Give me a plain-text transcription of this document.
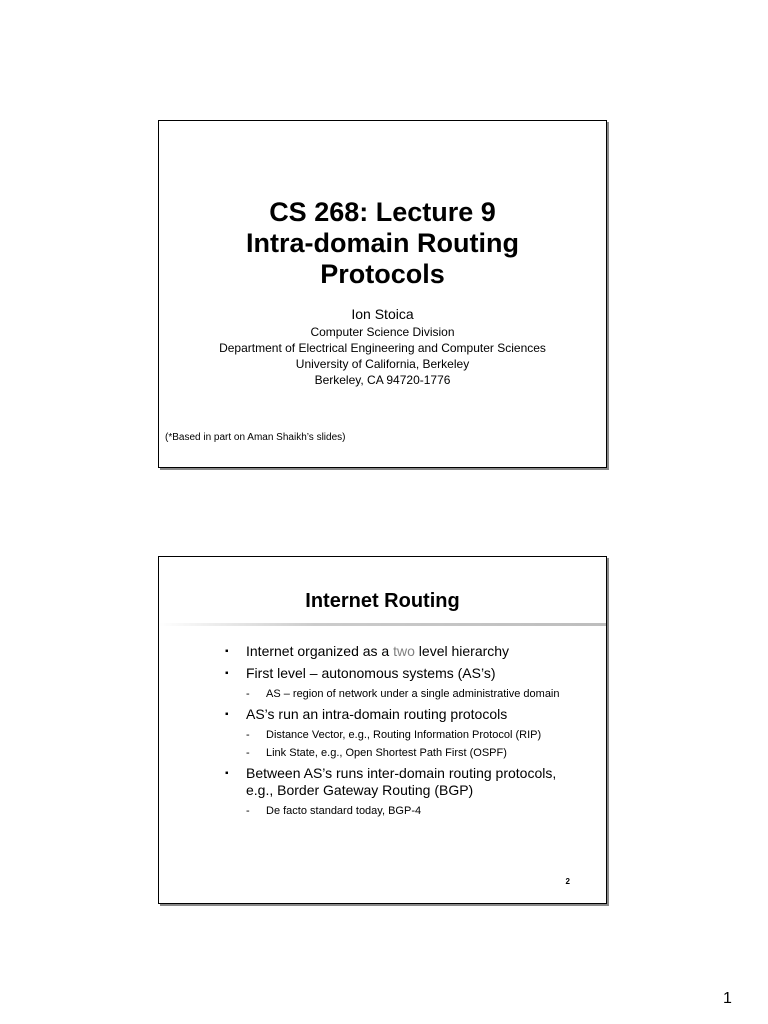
CS 268: Lecture 9
Intra-domain Routing
Protocols
Ion Stoica
Computer Science Division
Department of Electrical Engineering and Computer Sciences
University of California, Berkeley
Berkeley, CA 94720-1776
(*Based in part on Aman Shaikh’s slides)
Internet Routing
▪ Internet organized as a two level hierarchy
▪ First level – autonomous systems (AS’s)
- AS – region of network under a single administrative domain
▪ AS’s run an intra-domain routing protocols
- Distance Vector, e.g., Routing Information Protocol (RIP)
- Link State, e.g., Open Shortest Path First (OSPF)
▪ Between AS’s runs inter-domain routing protocols, e.g., Border Gateway Routing (BGP)
- De facto standard today, BGP-4
2
1
